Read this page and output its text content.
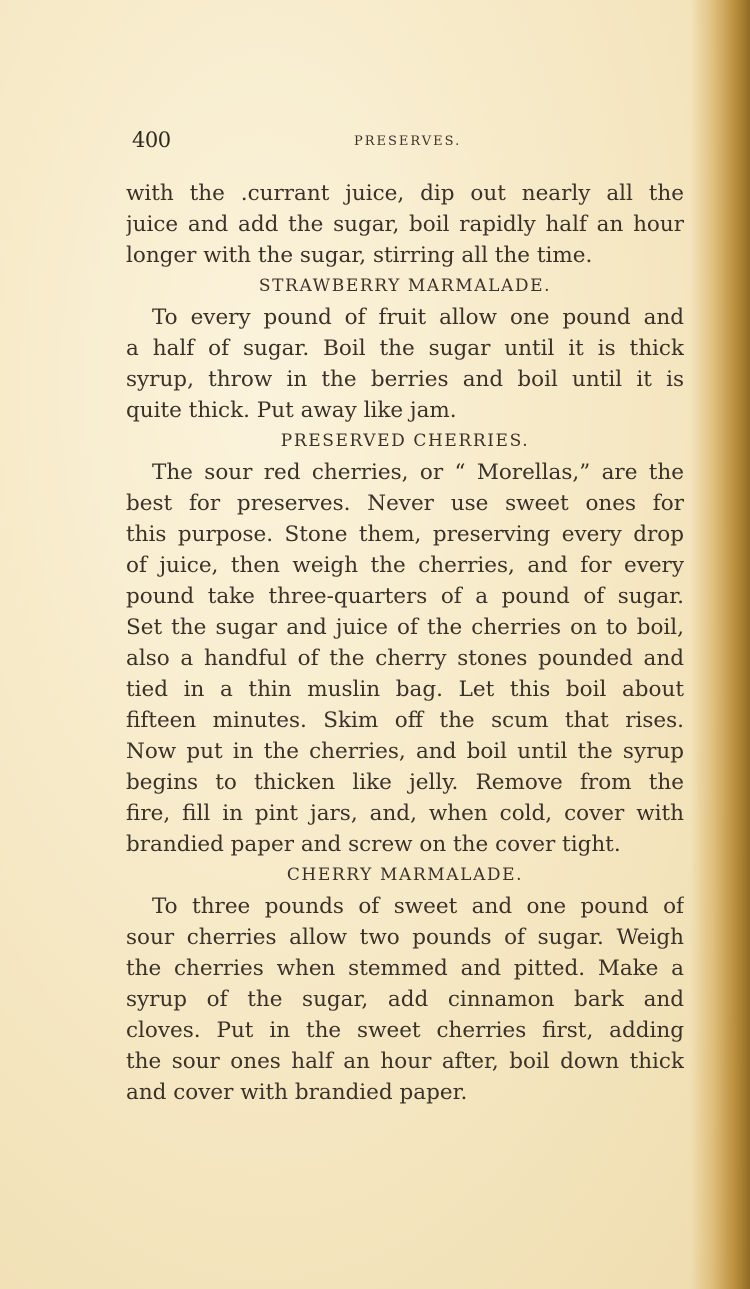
400	PRESERVES.
with the .currant juice, dip out nearly all the
juice and add the sugar, boil rapidly half an hour
longer with the sugar, stirring all the time.
STRAWBERRY MARMALADE.
To every pound of fruit allow one pound and
a half of sugar. Boil the sugar until it is thick
syrup, throw in the berries and boil until it is
quite thick. Put away like jam.
PRESERVED CHERRIES.
The sour red cherries, or “ Morellas,” are the
best for preserves. Never use sweet ones for
this purpose. Stone them, preserving every drop
of juice, then weigh the cherries, and for every
pound take three-quarters of a pound of sugar.
Set the sugar and juice of the cherries on to boil,
also a handful of the cherry stones pounded and
tied in a thin muslin bag. Let this boil about
fifteen minutes. Skim off the scum that rises.
Now put in the cherries, and boil until the syrup
begins to thicken like jelly. Remove from the
fire, fill in pint jars, and, when cold, cover with
brandied paper and screw on the cover tight.
CHERRY MARMALADE.
To three pounds of sweet and one pound of
sour cherries allow two pounds of sugar. Weigh
the cherries when stemmed and pitted. Make a
syrup of the sugar, add cinnamon bark and
cloves. Put in the sweet cherries first, adding
the sour ones half an hour after, boil down thick
and cover with brandied paper.
